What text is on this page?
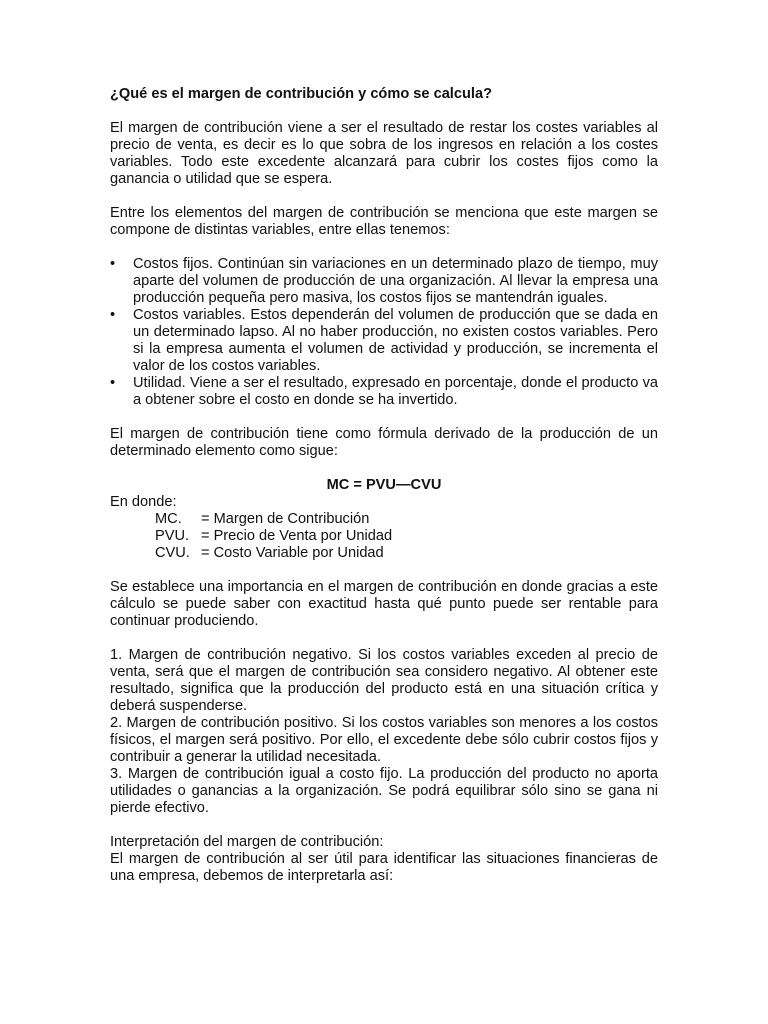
¿Qué es el margen de contribución y cómo se calcula?

El margen de contribución viene a ser el resultado de restar los costes variables al precio de venta, es decir es lo que sobra de los ingresos en relación a los costes variables. Todo este excedente alcanzará para cubrir los costes fijos como la ganancia o utilidad que se espera.

Entre los elementos del margen de contribución se menciona que este margen se compone de distintas variables, entre ellas tenemos:

•	Costos fijos. Continúan sin variaciones en un determinado plazo de tiempo, muy aparte del volumen de producción de una organización. Al llevar la empresa una producción pequeña pero masiva, los costos fijos se mantendrán iguales.
•	Costos variables. Estos dependerán del volumen de producción que se dada en un determinado lapso. Al no haber producción, no existen costos variables. Pero si la empresa aumenta el volumen de actividad y producción, se incrementa el valor de los costos variables.
•	Utilidad. Viene a ser el resultado, expresado en porcentaje, donde el producto va a obtener sobre el costo en donde se ha invertido.

El margen de contribución tiene como fórmula derivado de la producción de un determinado elemento como sigue:

MC = PVU—CVU

En donde:
MC.	= Margen de Contribución
PVU. = Precio de Venta por Unidad
CVU. = Costo Variable por Unidad

Se establece una importancia en el margen de contribución en donde gracias a este cálculo se puede saber con exactitud hasta qué punto puede ser rentable para continuar produciendo.

1. Margen de contribución negativo. Si los costos variables exceden al precio de venta, será que el margen de contribución sea considero negativo. Al obtener este resultado, significa que la producción del producto está en una situación crítica y deberá suspenderse.

2. Margen de contribución positivo. Si los costos variables son menores a los costos físicos, el margen será positivo. Por ello, el excedente debe sólo cubrir costos fijos y contribuir a generar la utilidad necesitada.

3. Margen de contribución igual a costo fijo. La producción del producto no aporta utilidades o ganancias a la organización. Se podrá equilibrar sólo sino se gana ni pierde efectivo.

Interpretación del margen de contribución:

El margen de contribución al ser útil para identificar las situaciones financieras de una empresa, debemos de interpretarla así:
